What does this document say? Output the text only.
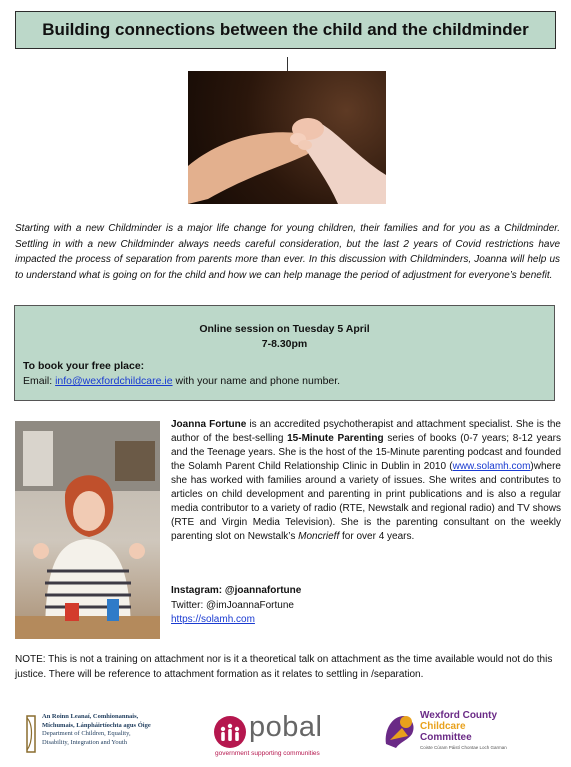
Building connections between the child and the childminder

Starting with a new Childminder is a major life change for young children, their families and for you as a Childminder. Settling in with a new Childminder always needs careful consideration, but the last 2 years of Covid restrictions have impacted the process of separation from parents more than ever. In this discussion with Childminders, Joanna will help us to understand what is going on for the child and how we can help manage the period of adjustment for everyone’s benefit.

Online session on Tuesday 5 April
7-8.30pm
To book your free place:
Email: info@wexfordchildcare.ie with your name and phone number.

Joanna Fortune is an accredited psychotherapist and attachment specialist. She is the author of the best-selling 15-Minute Parenting series of books (0-7 years; 8-12 years and the Teenage years. She is the host of the 15-Minute parenting podcast and founded the Solamh Parent Child Relationship Clinic in Dublin in 2010 (www.solamh.com)where she has worked with families around a variety of issues. She writes and contributes to articles on child development and parenting in print publications and is also a regular media contributor to a variety of radio (RTE, Newstalk and regional radio) and TV shows (RTE and Virgin Media Television). She is the parenting consultant on the weekly parenting slot on Newstalk’s Moncrieff for over 4 years.

Instagram: @joannafortune
Twitter: @imJoannaFortune
https://solamh.com

NOTE: This is not a training on attachment nor is it a theoretical talk on attachment as the time available would not do this justice. There will be reference to attachment formation as it relates to settling in /separation.

An Roinn Leanaí, Comhionannais,
Míchumais, Lánpháirtíochta agus Óige
Department of Children, Equality,
Disability, Integration and Youth	pobal
government supporting communities
Wexford County
Childcare
Committee
Coiste Cúram Páistí Chontae Loch Garman
